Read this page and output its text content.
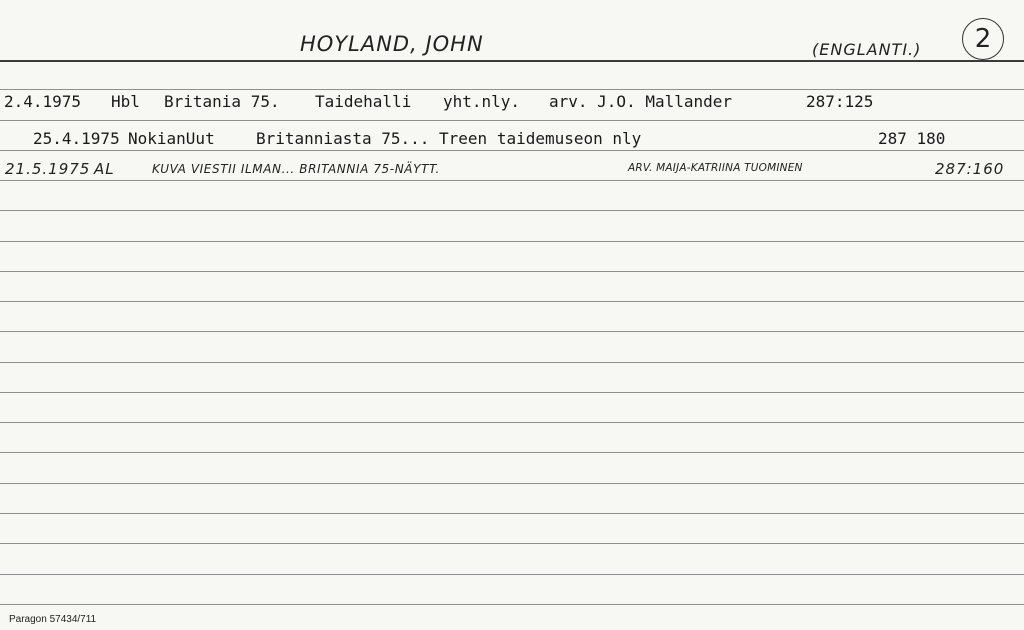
HOYLAND, JOHN	(ENGLANTI.) 2
2.4.1975 Hbl Britania 75. Taidehalli yht.nly. arv. J.O. Mallander	287:125
25.4.1975 NokianUut	Britanniasta 75... Treen taidemuseon nly	287 180
21.5.1975 AL	KUVA VIESTII ILMAN... BRITANNIA 75-NÄYTT.	ARV. MAIJA-KATRIINA TUOMINEN	287:160
Paragon 57434/711
